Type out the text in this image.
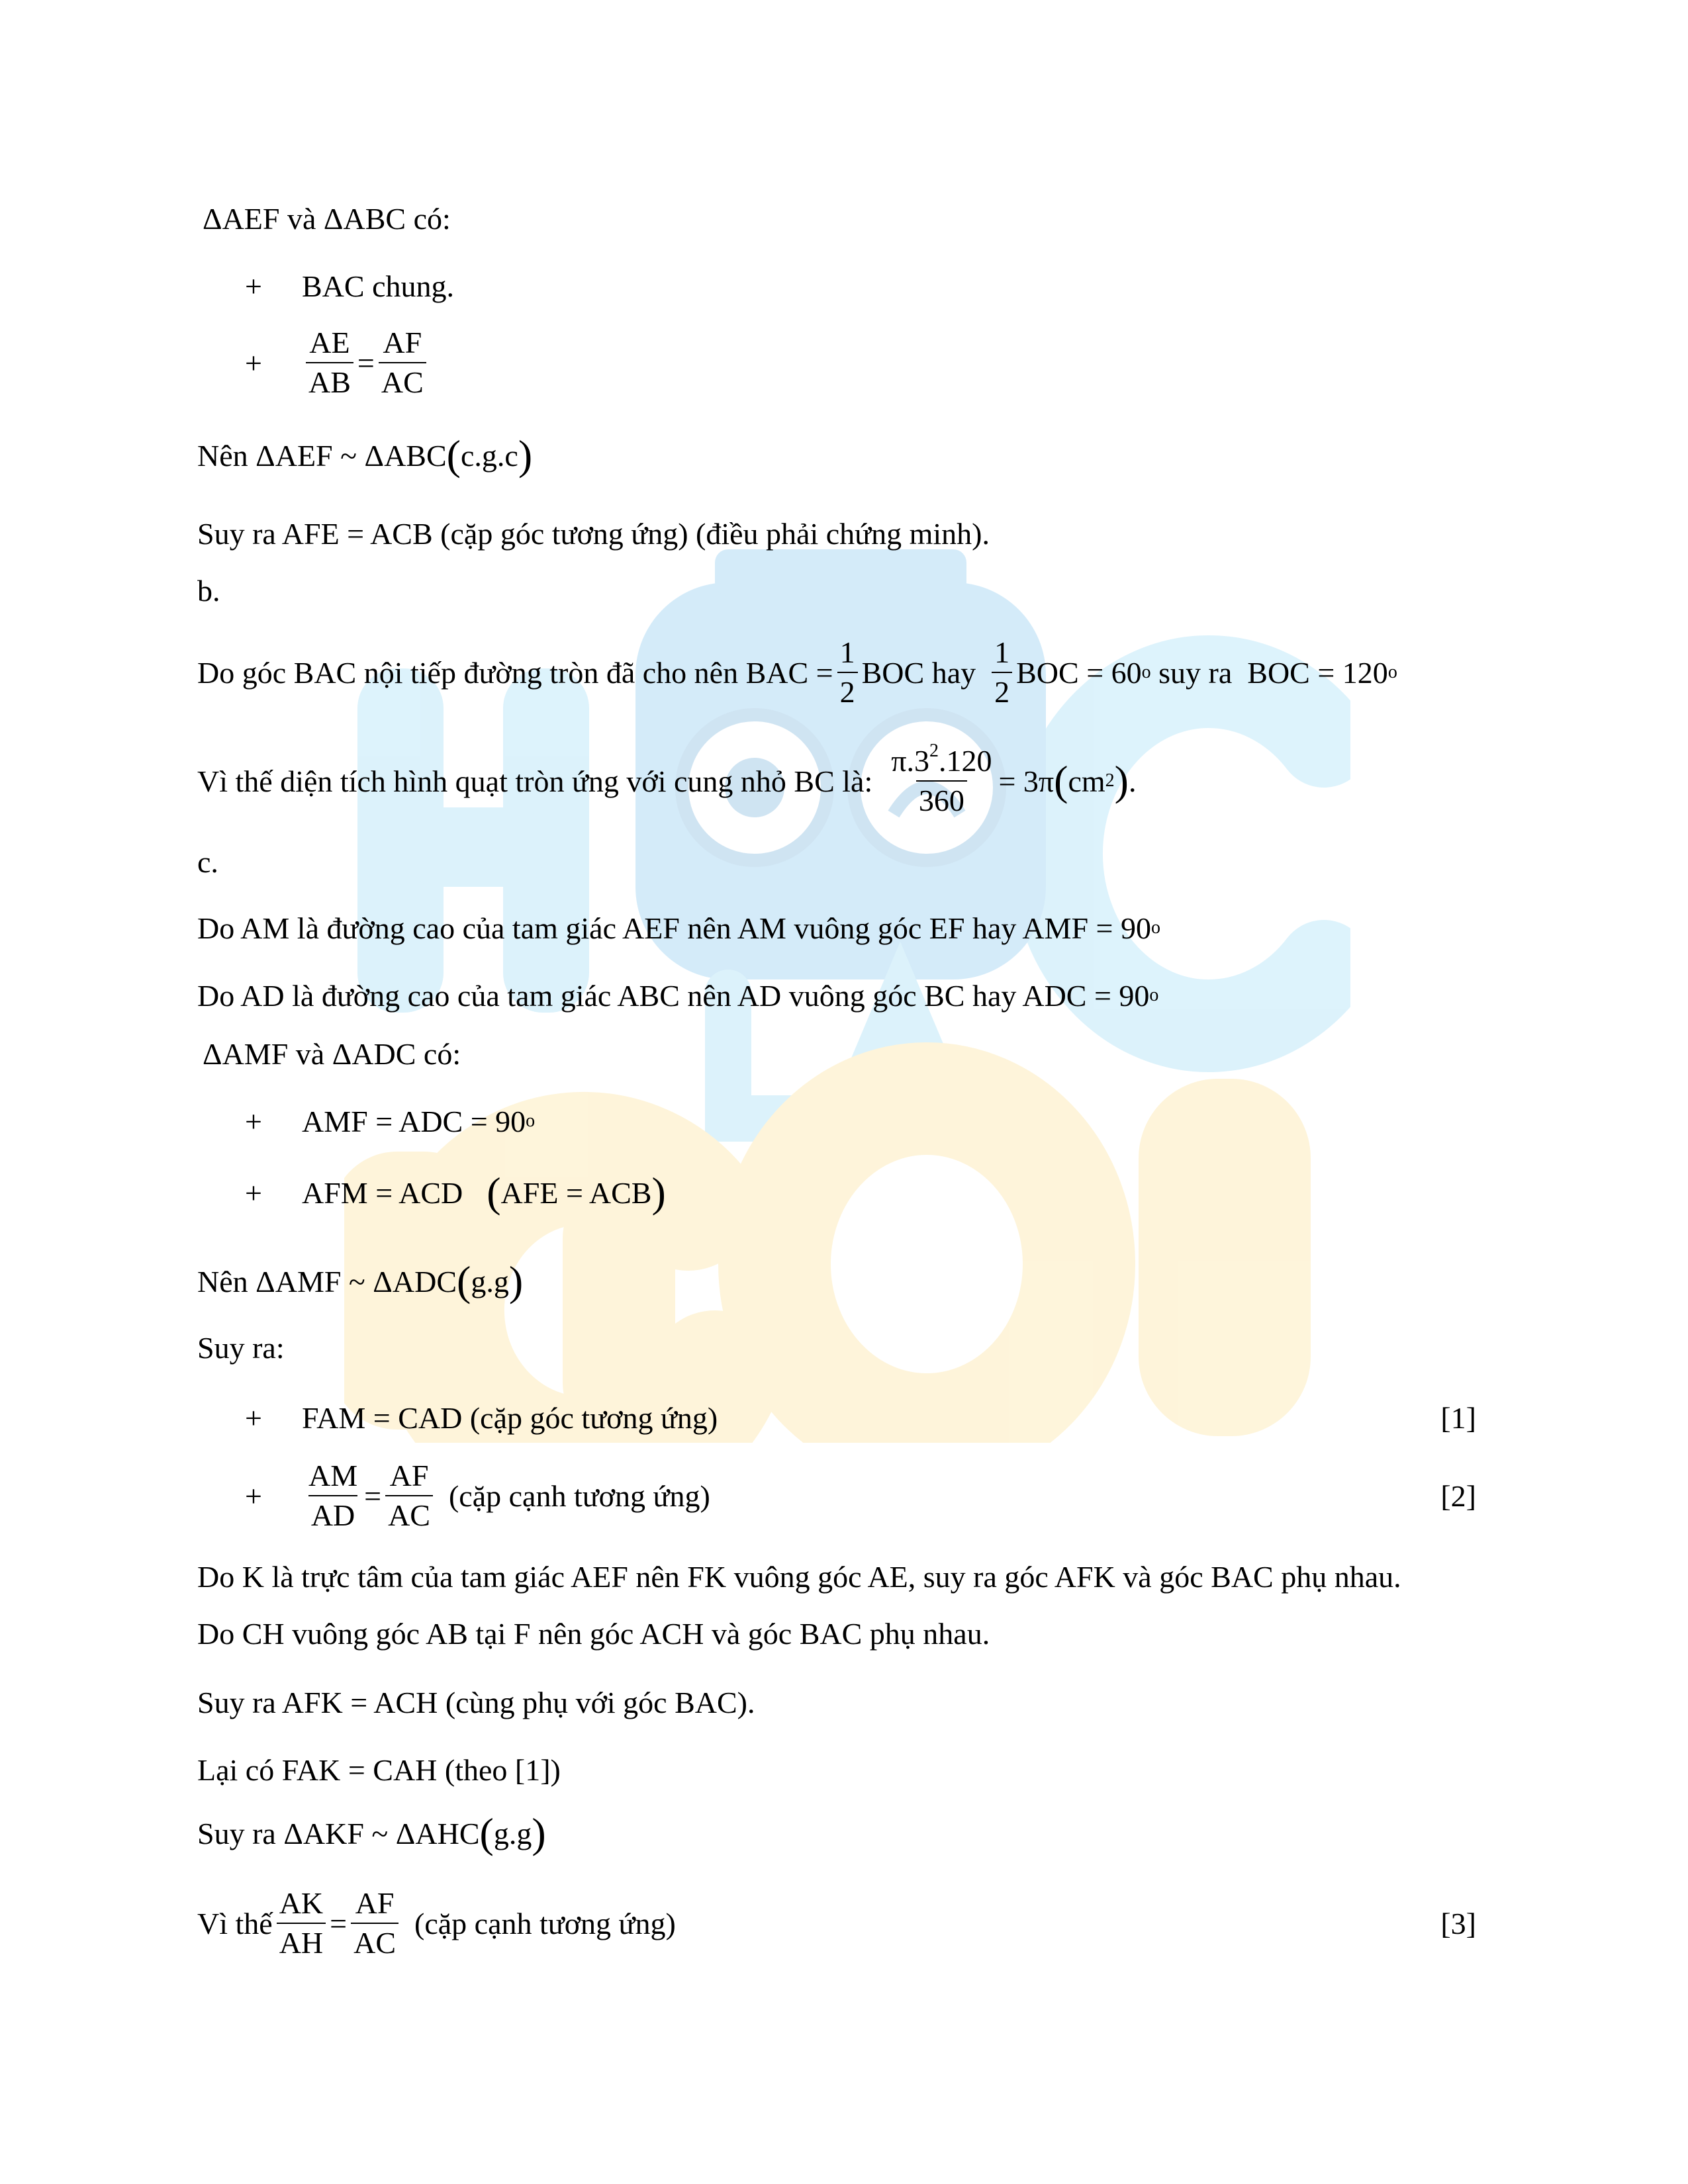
ΔAEF và ΔABC có:
+	BAC chung.
+	$\frac{AE}{AB} = \frac{AF}{AC}$
Nên ΔAEF ~ ΔABC ( c.g.c )
Suy ra AFE = ACB (cặp góc tương ứng) (điều phải chứng minh).
b.
Do góc BAC nội tiếp đường tròn đã cho nên BAC = $\frac{1}{2}$ BOC hay $\frac{1}{2}$ BOC = 60 o suy ra  BOC = 120 o
Vì thế diện tích hình quạt tròn ứng với cung nhỏ BC là: $\frac{\pi.3^2.120}{360} = 3\pi$ ( cm 2 ) .
c.
Do AM là đường cao của tam giác AEF nên AM vuông góc EF hay AMF = 90 o
Do AD là đường cao của tam giác ABC nên AD vuông góc BC hay ADC = 90 o
ΔAMF và ΔADC có:
+	AMF = ADC = 90 o
+	AFM = ACD ( AFE = ACB )
Nên ΔAMF ~ ΔADC ( g.g )
Suy ra:
+	FAM = CAD (cặp góc tương ứng)	[1]
+	$\frac{AM}{AD} = \frac{AF}{AC}$ (cặp cạnh tương ứng)	[2]
Do K là trực tâm của tam giác AEF nên FK vuông góc AE, suy ra góc AFK và góc BAC phụ nhau.
Do CH vuông góc AB tại F nên góc ACH và góc BAC phụ nhau.
Suy ra AFK = ACH (cùng phụ với góc BAC).
Lại có FAK = CAH (theo [1])
Suy ra ΔAKF ~ ΔAHC ( g.g )
Vì thế $\frac{AK}{AH} = \frac{AF}{AC}$ (cặp cạnh tương ứng)	[3]
